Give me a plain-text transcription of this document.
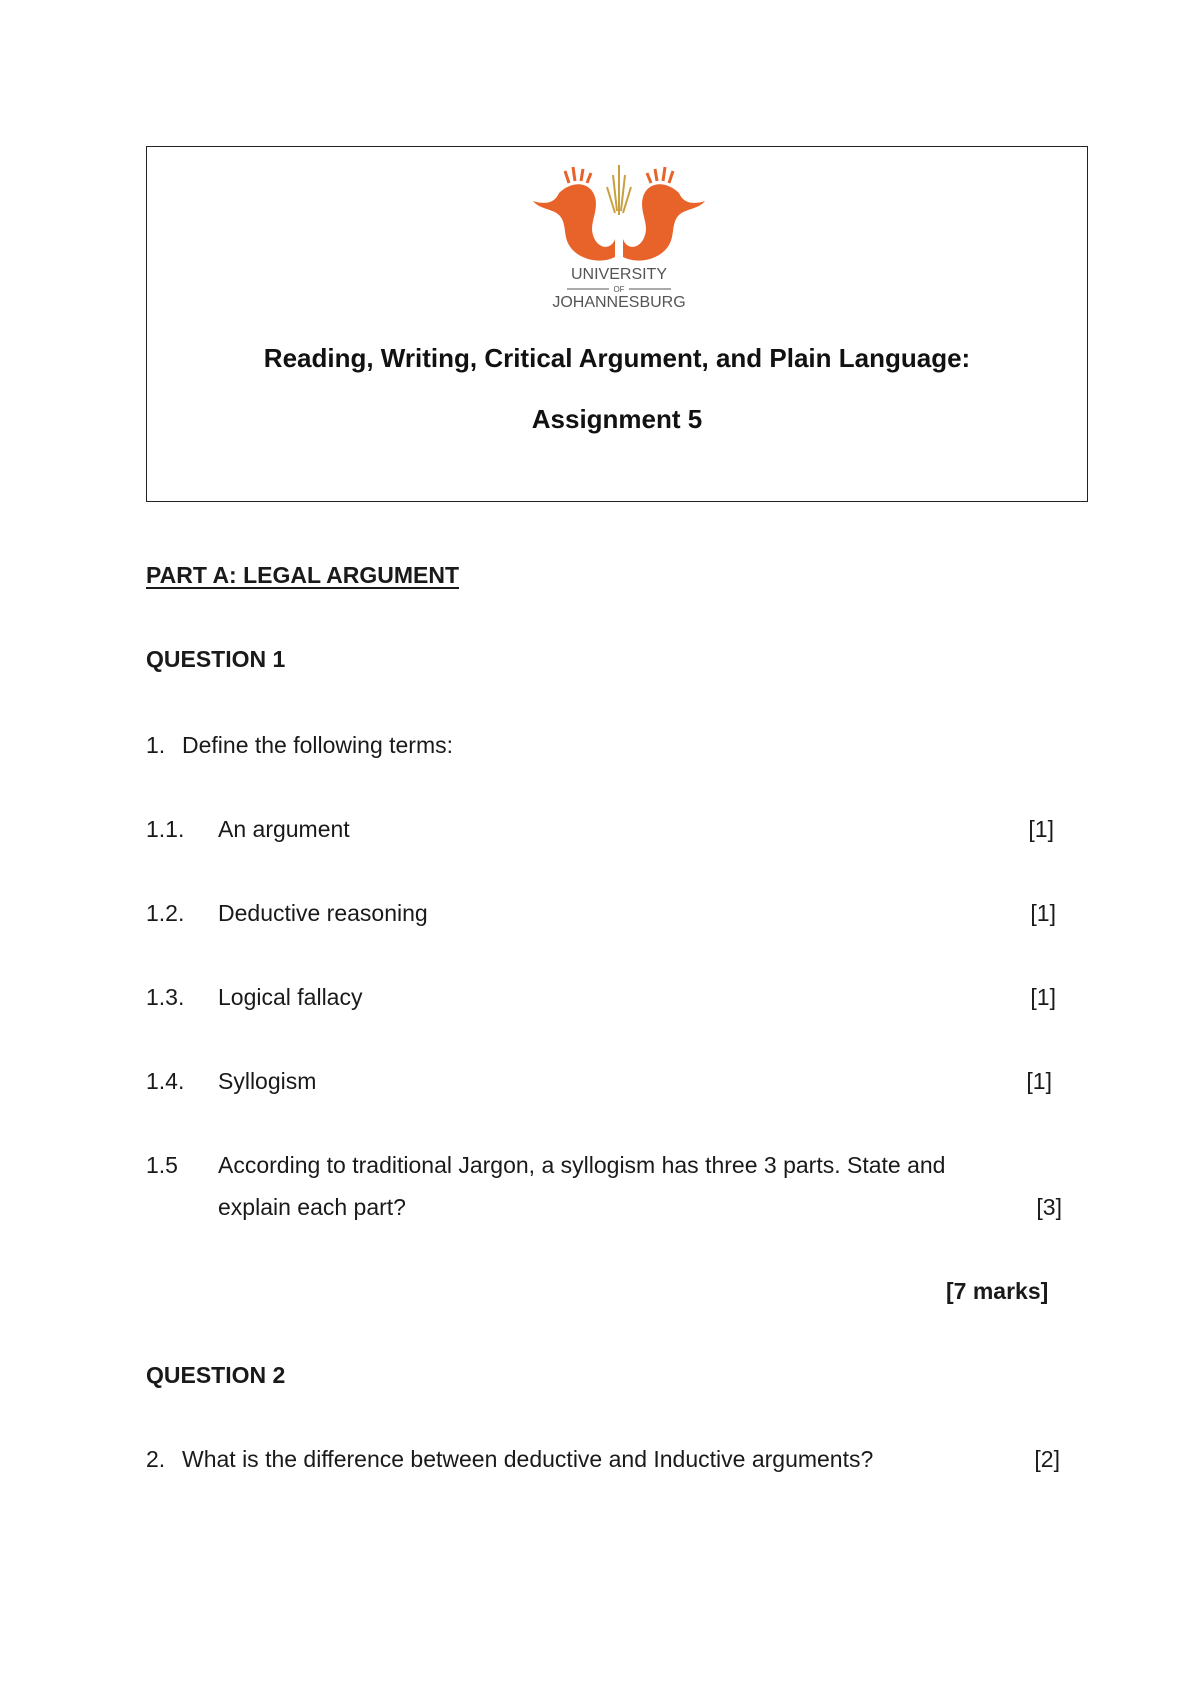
UNIVERSITY
OF
JOHANNESBURG
Reading, Writing, Critical Argument, and Plain Language:
Assignment 5
PART A: LEGAL ARGUMENT
QUESTION 1
1. Define the following terms:
1.1. An argument	[1]
1.2. Deductive reasoning	[1]
1.3. Logical fallacy	[1]
1.4. Syllogism	[1]
1.5 According to traditional Jargon, a syllogism has three 3 parts. State and
explain each part?	[3]
[7 marks]
QUESTION 2
2. What is the difference between deductive and Inductive arguments?	[2]
